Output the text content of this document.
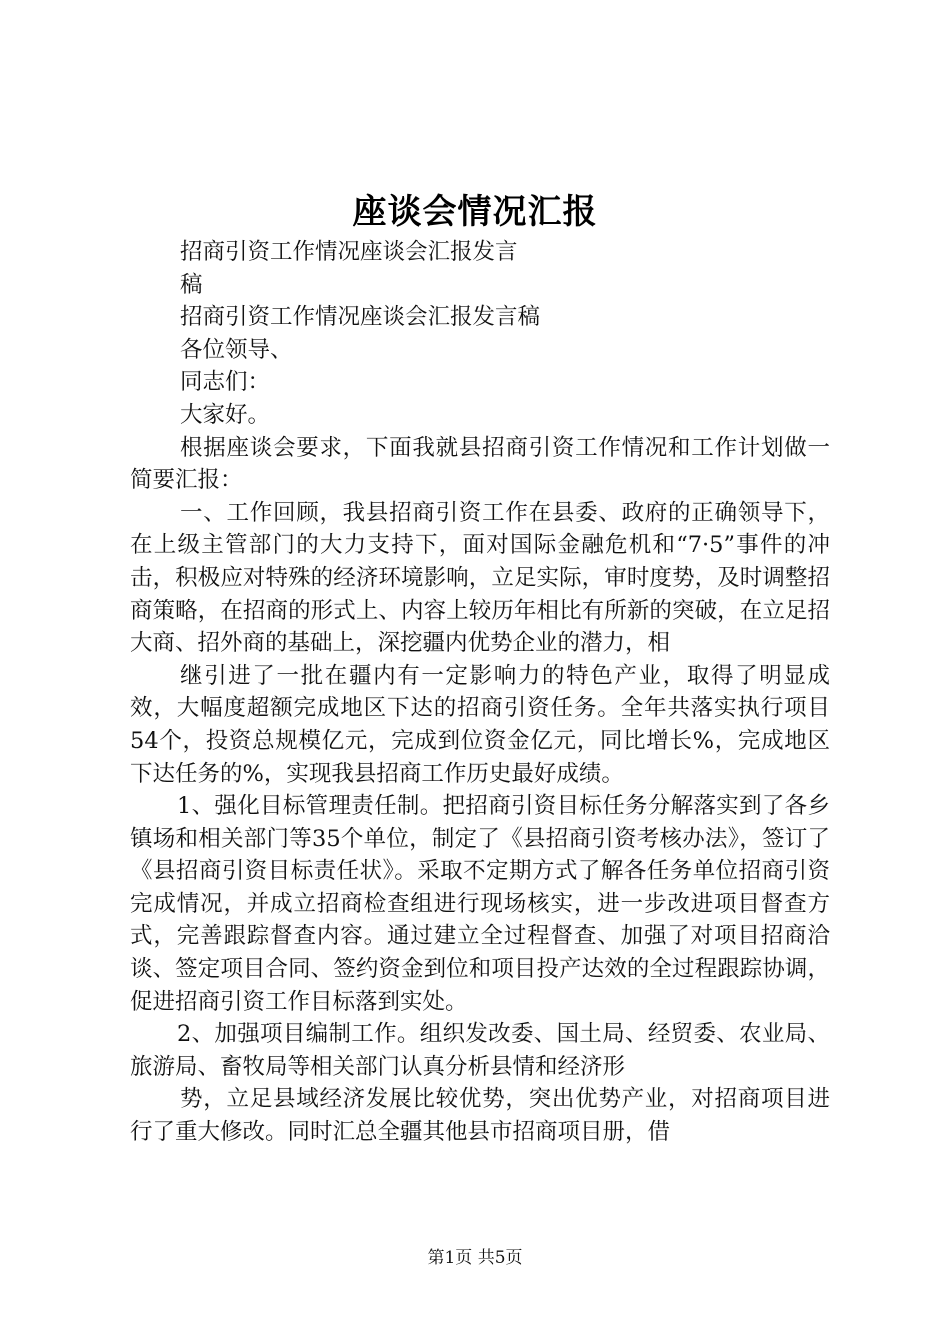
座谈会情况汇报

招商引资工作情况座谈会汇报发言

稿

招商引资工作情况座谈会汇报发言稿

各位领导、

同志们：

大家好。

根据座谈会要求，下面我就县招商引资工作情况和工作计划做一简要汇报：

一、工作回顾，我县招商引资工作在县委、政府的正确领导下，在上级主管部门的大力支持下，面对国际金融危机和“7·5”事件的冲击，积极应对特殊的经济环境影响，立足实际，审时度势，及时调整招商策略，在招商的形式上、内容上较历年相比有所新的突破，在立足招大商、招外商的基础上，深挖疆内优势企业的潜力，相

继引进了一批在疆内有一定影响力的特色产业，取得了明显成效，大幅度超额完成地区下达的招商引资任务。全年共落实执行项目54个，投资总规模亿元，完成到位资金亿元，同比增长%，完成地区下达任务的%，实现我县招商工作历史最好成绩。

1、强化目标管理责任制。把招商引资目标任务分解落实到了各乡镇场和相关部门等35个单位，制定了《县招商引资考核办法》，签订了《县招商引资目标责任状》。采取不定期方式了解各任务单位招商引资完成情况，并成立招商检查组进行现场核实，进一步改进项目督查方式，完善跟踪督查内容。通过建立全过程督查、加强了对项目招商洽谈、签定项目合同、签约资金到位和项目投产达效的全过程跟踪协调，促进招商引资工作目标落到实处。

2、加强项目编制工作。组织发改委、国土局、经贸委、农业局、旅游局、畜牧局等相关部门认真分析县情和经济形

势，立足县域经济发展比较优势，突出优势产业，对招商项目进行了重大修改。同时汇总全疆其他县市招商项目册，借

第1页 共5页
